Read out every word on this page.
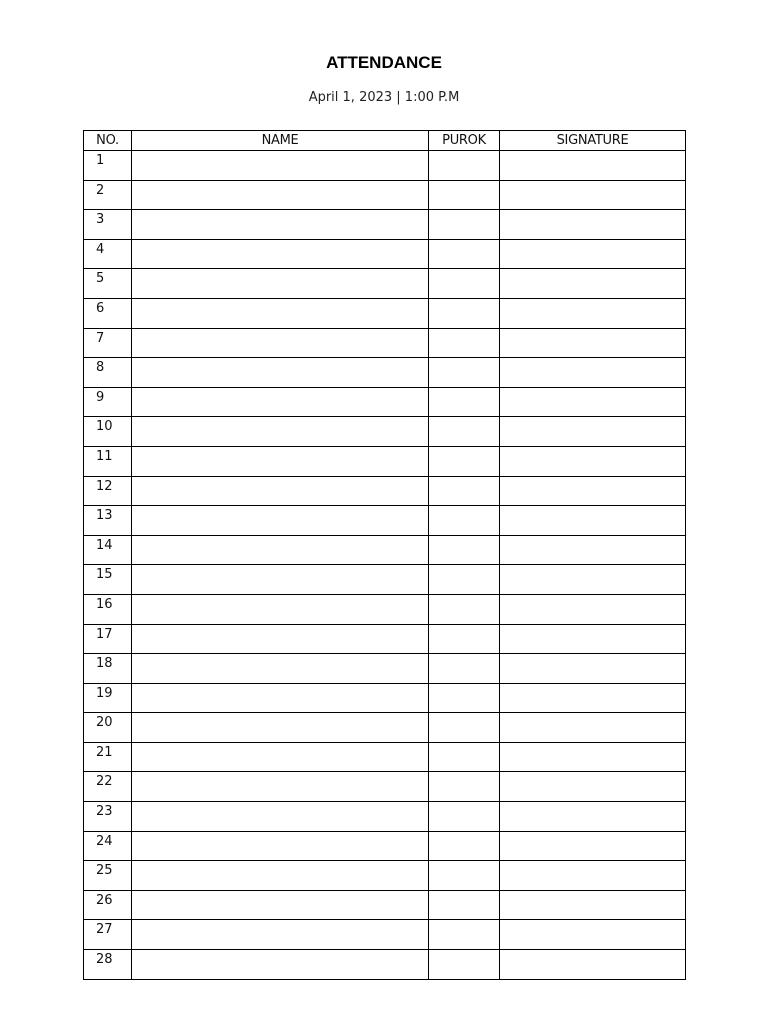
ATTENDANCE
April 1, 2023 | 1:00 P.M
NO.	NAME	PUROK	SIGNATURE
1			
2			
3			
4			
5			
6			
7			
8			
9			
10			
11			
12			
13			
14			
15			
16			
17			
18			
19			
20			
21			
22			
23			
24			
25			
26			
27			
28			
